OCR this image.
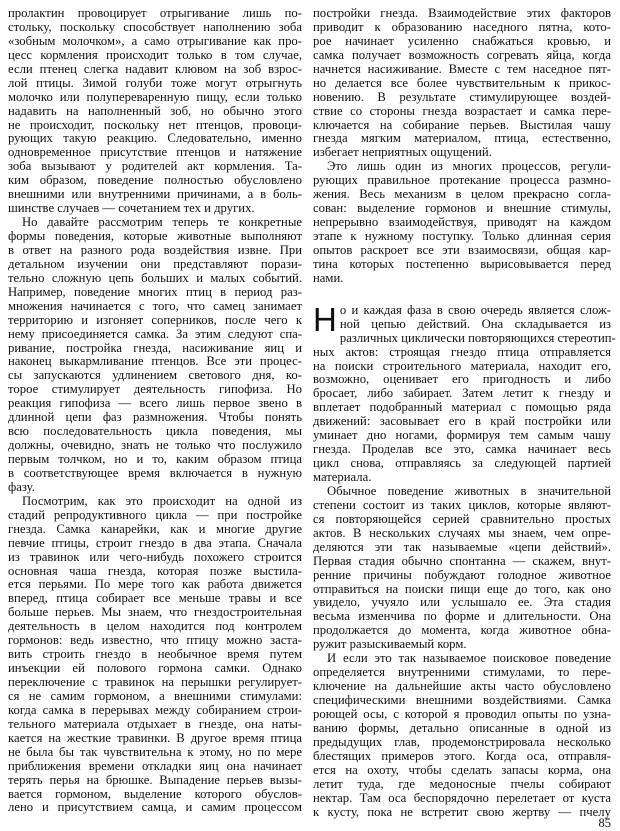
пролактин провоцирует отрыгивание лишь по-
стольку, поскольку способствует наполнению зоба
«зобным молочком», а само отрыгивание как про-
цесс кормления происходит только в том случае,
если птенец слегка надавит клювом на зоб взрос-
лой птицы. Зимой голуби тоже могут отрыгнуть
молочко или полупереваренную пищу, если только
надавить на наполненный зоб, но обычно этого
не происходит, поскольку нет птенцов, провоци-
рующих такую реакцию. Следовательно, именно
одновременное присутствие птенцов и натяжение
зоба вызывают у родителей акт кормления. Та-
ким образом, поведение полностью обусловлено
внешними или внутренними причинами, а в боль-
шинстве случаев — сочетанием тех и других.
Но давайте рассмотрим теперь те конкретные
формы поведения, которые животные выполняют
в ответ на разного рода воздействия извне. При
детальном изучении они представляют порази-
тельно сложную цепь больших и малых событий.
Например, поведение многих птиц в период раз-
множения начинается с того, что самец занимает
территорию и изгоняет соперников, после чего к
нему присоединяется самка. За этим следуют спа-
ривание, постройка гнезда, насиживание яиц и
наконец выкармливание птенцов. Все эти процес-
сы запускаются удлинением светового дня, ко-
торое стимулирует деятельность гипофиза. Но
реакция гипофиза — всего лишь первое звено в
длинной цепи фаз размножения. Чтобы понять
всю последовательность цикла поведения, мы
должны, очевидно, знать не только что послужило
первым толчком, но и то, каким образом птица
в соответствующее время включается в нужную
фазу.
Посмотрим, как это происходит на одной из
стадий репродуктивного цикла — при постройке
гнезда. Самка канарейки, как и многие другие
певчие птицы, строит гнездо в два этапа. Сначала
из травинок или чего-нибудь похожего строится
основная чаша гнезда, которая позже выстила-
ется перьями. По мере того как работа движется
вперед, птица собирает все меньше травы и все
больше перьев. Мы знаем, что гнездостроительная
деятельность в целом находится под контролем
гормонов: ведь известно, что птицу можно заста-
вить строить гнездо в необычное время путем
инъекции ей полового гормона самки. Однако
переключение с травинок на перышки регулирует-
ся не самим гормоном, а внешними стимулами:
когда самка в перерывах между собиранием строи-
тельного материала отдыхает в гнезде, она наты-
кается на жесткие травинки. В другое время птица
не была бы так чувствительна к этому, но по мере
приближения времени откладки яиц она начинает
терять перья на брюшке. Выпадение перьев вызы-
вается гормоном, выделение которого обуслов-
лено и присутствием самца, и самим процессом
постройки гнезда. Взаимодействие этих факторов
приводит к образованию наседного пятна, кото-
рое начинает усиленно снабжаться кровью, и
самка получает возможность согревать яйца, когда
начнется насиживание. Вместе с тем наседное пят-
но делается все более чувствительным к прикос-
новению. В результате стимулирующее воздей-
ствие со стороны гнезда возрастает и самка пере-
ключается на собирание перьев. Выстилая чашу
гнезда мягким материалом, птица, естественно,
избегает неприятных ощущений.
Это лишь один из многих процессов, регули-
рующих правильное протекание процесса размно-
жения. Весь механизм в целом прекрасно согла-
сован: выделение гормонов и внешние стимулы,
непрерывно взаимодействуя, приводят на каждом
этапе к нужному поступку. Только длинная серия
опытов раскроет все эти взаимосвязи, общая кар-
тина которых постепенно вырисовывается перед
нами.
Н о и каждая фаза в свою очередь является слож-
ной цепью действий. Она складывается из
различных циклически повторяющихся стереотип-
ных актов: строящая гнездо птица отправляется
на поиски строительного материала, находит его,
возможно, оценивает его пригодность и либо
бросает, либо забирает. Затем летит к гнезду и
вплетает подобранный материал с помощью ряда
движений: засовывает его в край постройки или
уминает дно ногами, формируя тем самым чашу
гнезда. Проделав все это, самка начинает весь
цикл снова, отправляясь за следующей партией
материала.
Обычное поведение животных в значительной
степени состоит из таких циклов, которые являют-
ся повторяющейся серией сравнительно простых
актов. В нескольких случаях мы знаем, чем опре-
деляются эти так называемые «цепи действий».
Первая стадия обычно спонтанна — скажем, внут-
ренние причины побуждают голодное животное
отправиться на поиски пищи еще до того, как оно
увидело, учуяло или услышало ее. Эта стадия
весьма изменчива по форме и длительности. Она
продолжается до момента, когда животное обна-
ружит разыскиваемый корм.
И если это так называемое поисковое поведение
определяется внутренними стимулами, то пере-
ключение на дальнейшие акты часто обусловлено
специфическими внешними воздействиями. Самка
роющей осы, с которой я проводил опыты по узна-
ванию формы, детально описанные в одной из
предыдущих глав, продемонстрировала несколько
блестящих примеров этого. Когда оса, отправля-
ется на охоту, чтобы сделать запасы корма, она
летит туда, где медоносные пчелы собирают
нектар. Там оса беспорядочно перелетает от куста
к кусту, пока не встретит свою жертву — пчелу
85
